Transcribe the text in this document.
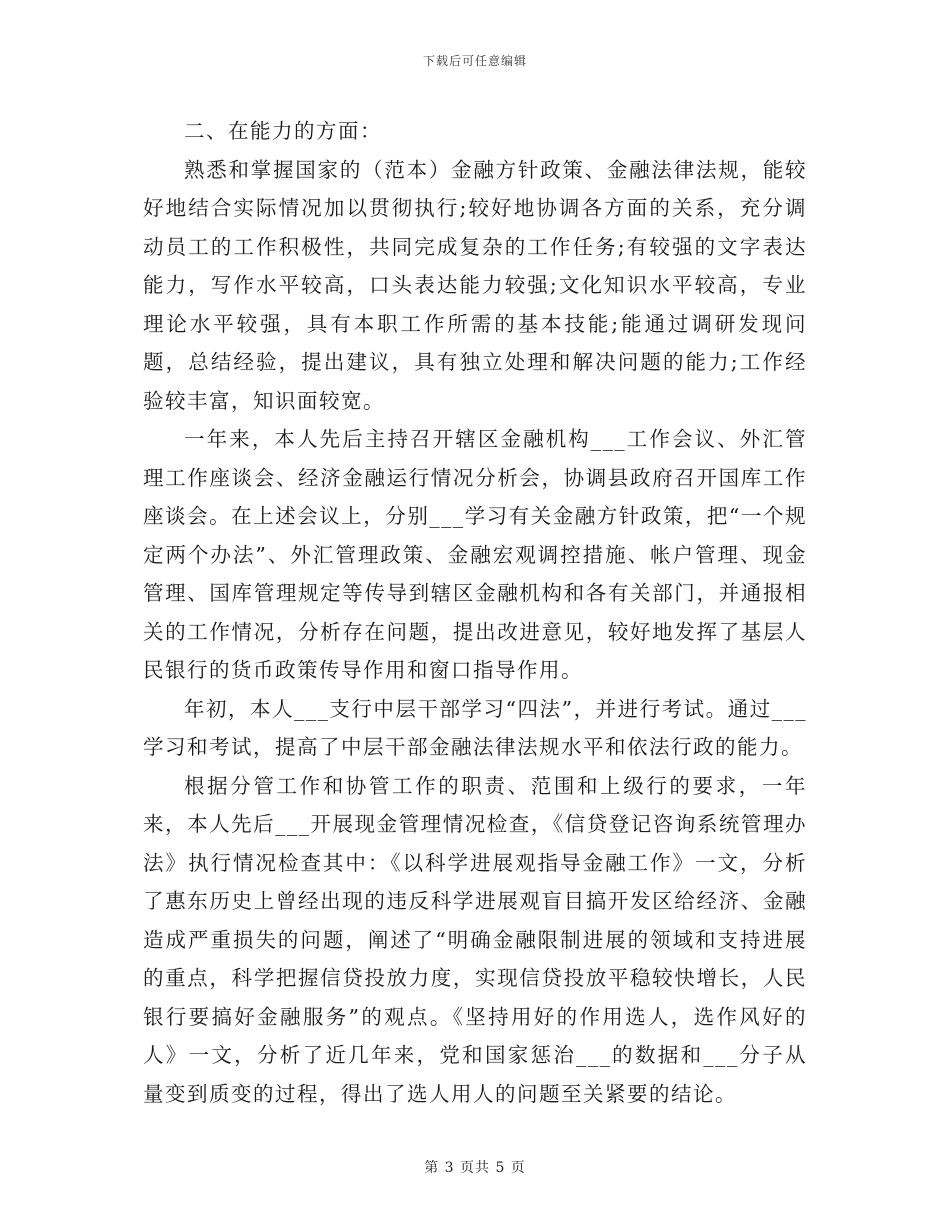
下载后可任意编辑

二、在能力的方面：

熟悉和掌握国家的（范本）金融方针政策、金融法律法规，能较好地结合实际情况加以贯彻执行;较好地协调各方面的关系，充分调动员工的工作积极性，共同完成复杂的工作任务;有较强的文字表达能力，写作水平较高，口头表达能力较强;文化知识水平较高，专业理论水平较强，具有本职工作所需的基本技能;能通过调研发现问题，总结经验，提出建议，具有独立处理和解决问题的能力;工作经验较丰富，知识面较宽。

一年来，本人先后主持召开辖区金融机构___工作会议、外汇管理工作座谈会、经济金融运行情况分析会，协调县政府召开国库工作座谈会。在上述会议上，分别___学习有关金融方针政策，把“一个规定两个办法”、外汇管理政策、金融宏观调控措施、帐户管理、现金管理、国库管理规定等传导到辖区金融机构和各有关部门，并通报相关的工作情况，分析存在问题，提出改进意见，较好地发挥了基层人民银行的货币政策传导作用和窗口指导作用。

年初，本人___支行中层干部学习“四法”，并进行考试。通过___学习和考试，提高了中层干部金融法律法规水平和依法行政的能力。

根据分管工作和协管工作的职责、范围和上级行的要求，一年来，本人先后___开展现金管理情况检查，《信贷登记咨询系统管理办法》执行情况检查其中：《以科学进展观指导金融工作》一文，分析了惠东历史上曾经出现的违反科学进展观盲目搞开发区给经济、金融造成严重损失的问题，阐述了“明确金融限制进展的领域和支持进展的重点，科学把握信贷投放力度，实现信贷投放平稳较快增长，人民银行要搞好金融服务”的观点。《坚持用好的作用选人，选作风好的人》一文，分析了近几年来，党和国家惩治___的数据和___分子从量变到质变的过程，得出了选人用人的问题至关紧要的结论。

第 3 页共 5 页
